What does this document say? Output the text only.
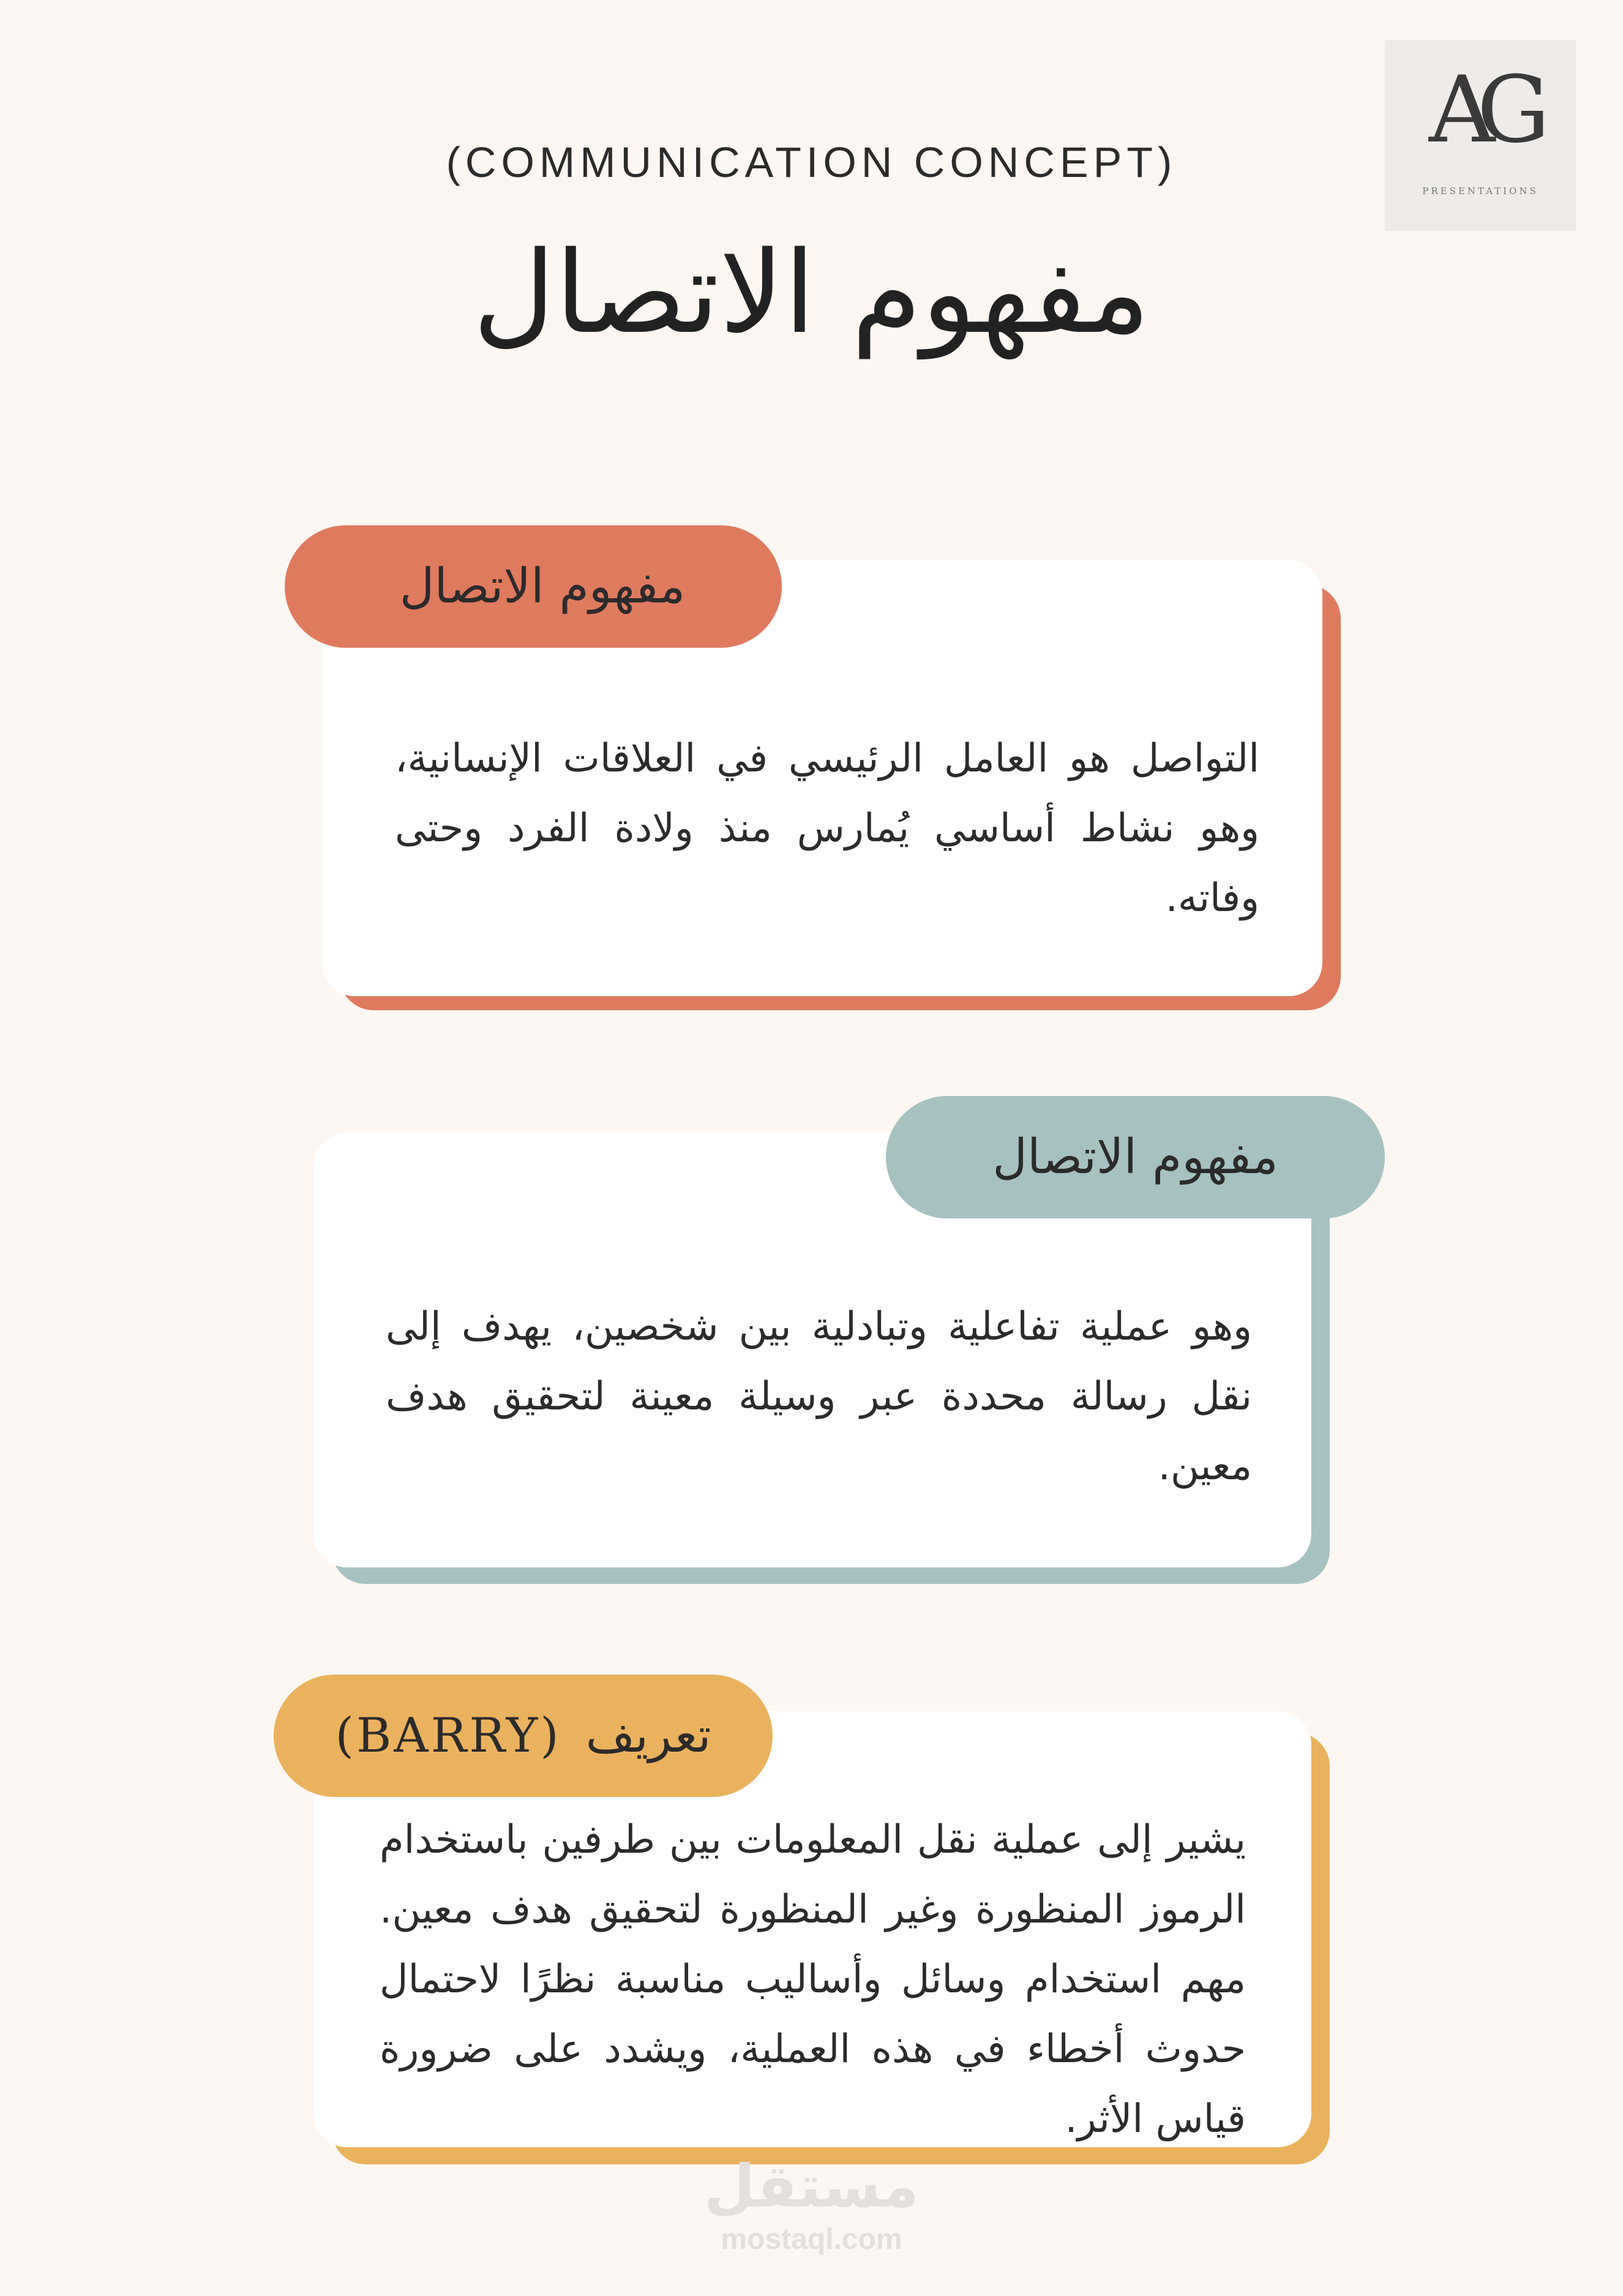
AG
PRESENTATIONS
(COMMUNICATION CONCEPT)
مفهوم الاتصال
التواصل هو العامل الرئيسي في العلاقات الإنسانية، وهو نشاط أساسي يُمارس منذ ولادة الفرد وحتى وفاته.
مفهوم الاتصال
وهو عملية تفاعلية وتبادلية بين شخصين، يهدف إلى نقل رسالة محددة عبر وسيلة معينة لتحقيق هدف معين.
مفهوم الاتصال
يشير إلى عملية نقل المعلومات بين طرفين باستخدام الرموز المنظورة وغير المنظورة لتحقيق هدف معين. مهم استخدام وسائل وأساليب مناسبة نظرًا لاحتمال حدوث أخطاء في هذه العملية، ويشدد على ضرورة قياس الأثر.
تعريف
(BARRY)
مستقل
mostaql.com
